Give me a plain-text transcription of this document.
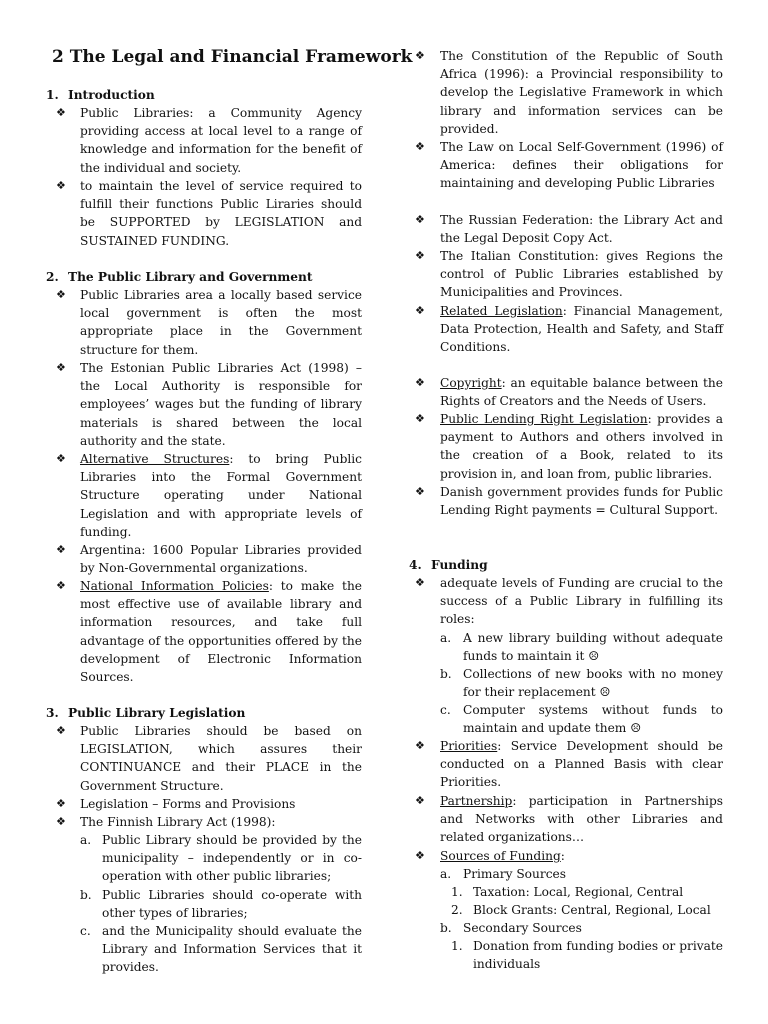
2 The Legal and Financial Framework
1. Introduction
❖	Public Libraries: a Community Agency providing access at local level to a range of knowledge and information for the benefit of the individual and society.
❖	to maintain the level of service required to fulfill their functions Public Liraries should be SUPPORTED by LEGISLATION and SUSTAINED FUNDING.
2. The Public Library and Government
❖	Public Libraries area a locally based service local government is often the most appropriate place in the Government structure for them.
❖	The Estonian Public Libraries Act (1998) – the Local Authority is responsible for employees’ wages but the funding of library materials is shared between the local authority and the state.
❖	Alternative Structures: to bring Public Libraries into the Formal Government Structure operating under National Legislation and with appropriate levels of funding.
❖	Argentina: 1600 Popular Libraries provided by Non-Governmental organizations.
❖	National Information Policies: to make the most effective use of available library and information resources, and take full advantage of the opportunities offered by the development of Electronic Information Sources.
3. Public Library Legislation
❖	Public Libraries should be based on LEGISLATION, which assures their CONTINUANCE and their PLACE in the Government Structure.
❖	Legislation – Forms and Provisions
❖	The Finnish Library Act (1998):
a. Public Library should be provided by the municipality – independently or in co-operation with other public libraries;
b. Public Libraries should co-operate with other types of libraries;
c. and the Municipality should evaluate the Library and Information Services that it provides.
❖	The Constitution of the Republic of South Africa (1996): a Provincial responsibility to develop the Legislative Framework in which library and information services can be provided.
❖	The Law on Local Self-Government (1996) of America: defines their obligations for maintaining and developing Public Libraries
❖	The Russian Federation: the Library Act and the Legal Deposit Copy Act.
❖	The Italian Constitution: gives Regions the control of Public Libraries established by Municipalities and Provinces.
❖	Related Legislation: Financial Management, Data Protection, Health and Safety, and Staff Conditions.
❖	Copyright: an equitable balance between the Rights of Creators and the Needs of Users.
❖	Public Lending Right Legislation: provides a payment to Authors and others involved in the creation of a Book, related to its provision in, and loan from, public libraries.
❖	Danish government provides funds for Public Lending Right payments = Cultural Support.
4. Funding
❖	adequate levels of Funding are crucial to the success of a Public Library in fulfilling its roles:
a. A new library building without adequate funds to maintain it ☹
b. Collections of new books with no money for their replacement ☹
c. Computer systems without funds to maintain and update them ☹
❖	Priorities: Service Development should be conducted on a Planned Basis with clear Priorities.
❖	Partnership: participation in Partnerships and Networks with other Libraries and related organizations…
❖	Sources of Funding:
a. Primary Sources
1. Taxation: Local, Regional, Central
2. Block Grants: Central, Regional, Local
b. Secondary Sources
1. Donation from funding bodies or private individuals
